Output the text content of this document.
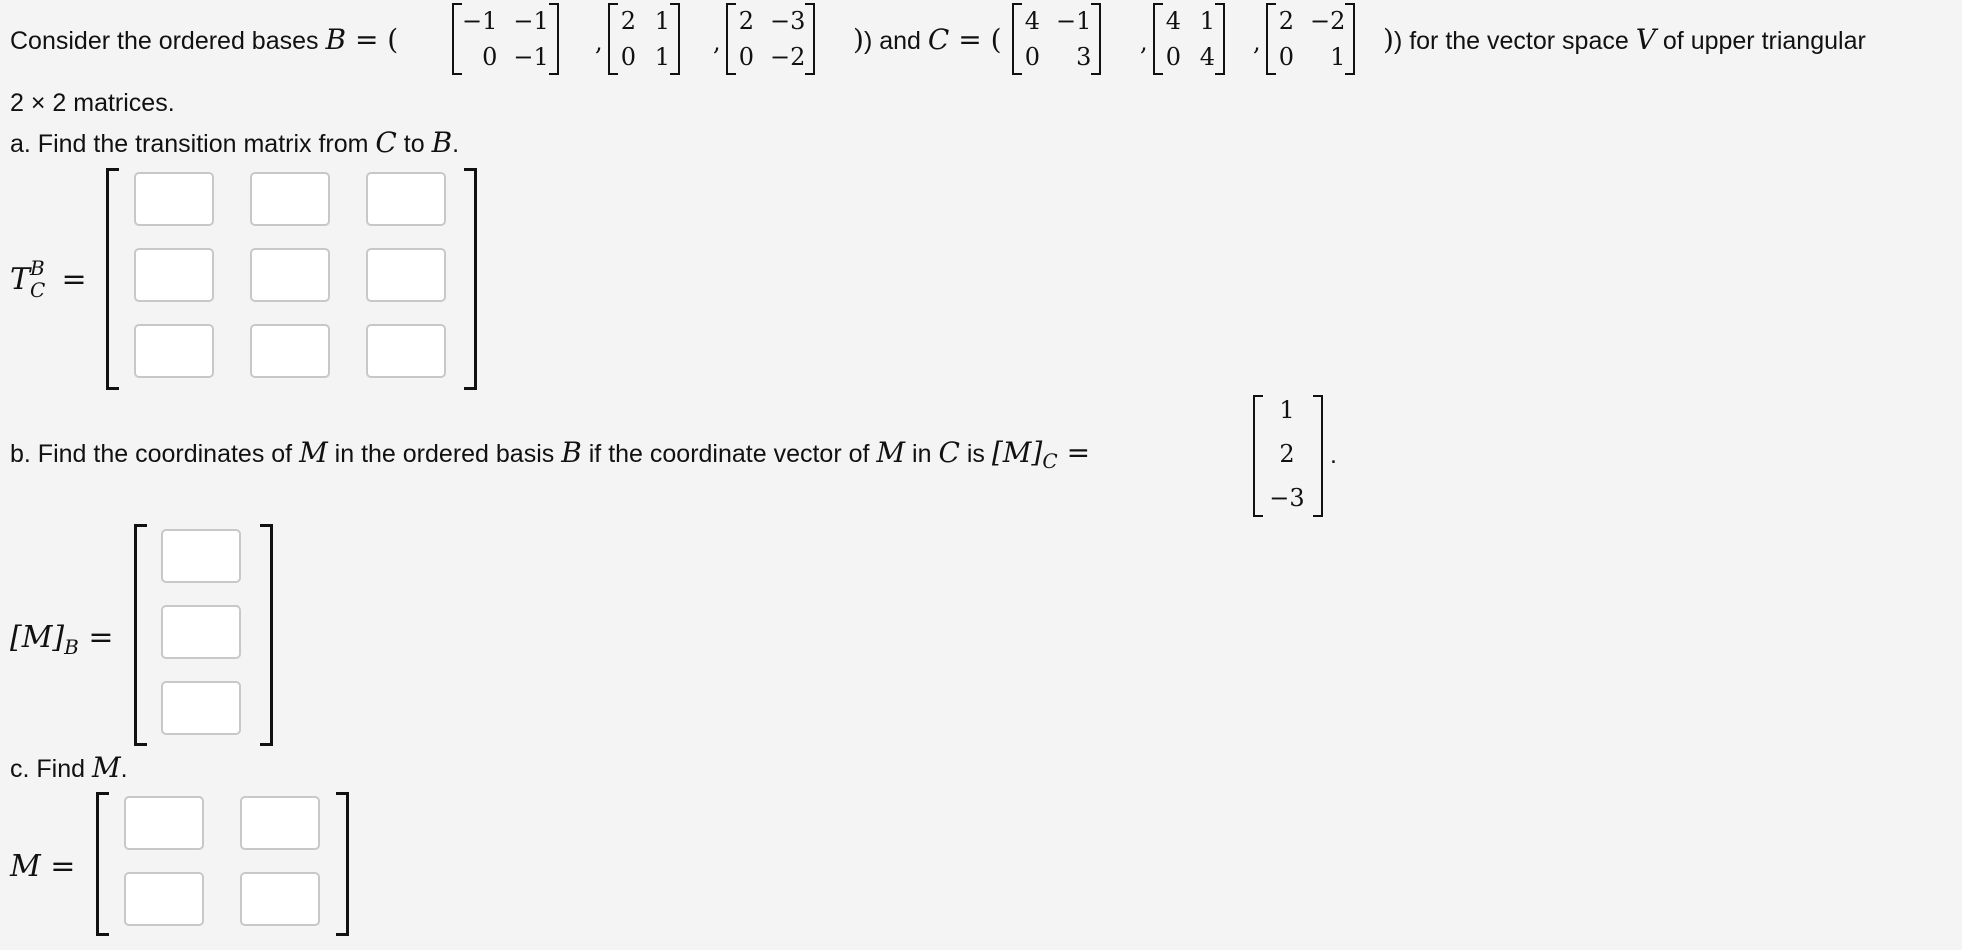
Consider the ordered bases B = (
−1 −1
0 −1
2 1
0 1
2 −3
0 −2
)) and C = (
4 −1
0	3
4 1
0 4
2 −2
0	1
)) for the vector space V of upper triangular
2 × 2 matrices.
a. Find the transition matrix from C to B.
T B
C =
b. Find the coordinates of M in the ordered basis B if the coordinate vector of M in C is $[M]_C$ =
1
2
−3
.
$[M]_B$ =
c. Find M.
M =
,	,	,	,
